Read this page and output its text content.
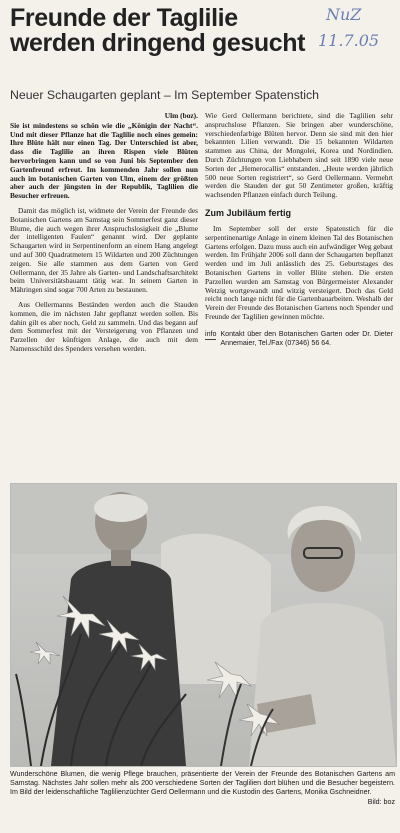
Freunde der Taglilie
werden dringend gesucht
NuZ
11.7.05
Neuer Schaugarten geplant – Im September Spatenstich
Ulm (boz).

Sie ist mindestens so schön wie die „Königin der Nacht“. Und mit dieser Pflanze hat die Taglilie noch eines gemein: Ihre Blüte hält nur einen Tag. Der Unterschied ist aber, dass die Taglilie an ihren Rispen viele Blüten hervorbringen kann und so von Juni bis September den Gartenfreund erfreut. Im kommenden Jahr sollen nun auch im botanischen Garten von Ulm, einem der größten aber auch der jüngsten in der Republik, Taglilien die Besucher erfreuen.

Damit das möglich ist, widmete der Verein der Freunde des Botanischen Gartens am Samstag sein Sommerfest ganz dieser Blume, die auch wegen ihrer Anspruchslosigkeit die „Blume der intelligenten Faulen“ genannt wird. Der geplante Schaugarten wird in Serpentinenform an einem Hang angelegt und auf 300 Quadratmetern 15 Wildarten und 200 Züchtungen zeigen. Sie alle stammen aus dem Garten von Gerd Oellermann, der 35 Jahre als Garten- und Landschaftsarchitekt beim Universitätsbauamt tätig war. In seinem Garten in Mähringen sind sogar 700 Arten zu bestaunen.

Aus Oellermanns Beständen werden auch die Stauden kommen, die im nächsten Jahr gepflanzt werden sollen. Bis dahin gilt es aber noch, Geld zu sammeln. Und das begann auf dem Sommerfest mit der Versteigerung von Pflanzen und Parzellen der künftigen Anlage, die auch mit dem Namensschild des Spenders versehen werden.

Wie Gerd Oellermann berichtete, sind die Taglilien sehr anspruchslose Pflanzen. Sie bringen aber wunderschöne, verschiedenfarbige Blüten hervor. Denn sie sind mit den hier bekannten Lilien verwandt. Die 15 bekannten Wildarten stammen aus China, der Mongolei, Korea und Nordindien. Durch Züchtungen von Liebhabern sind seit 1890 viele neue Sorten der „Hemerocallis“ entstanden. „Heute werden jährlich 500 neue Sorten registriert“, so Gerd Oellermann. Vermehrt werden die Stauden der gut 50 Zentimeter großen, kräftig wachsenden Pflanzen einfach durch Teilung.

Zum Jubiläum fertig

Im September soll der erste Spatenstich für die serpentinenartige Anlage in einem kleinen Tal des Botanischen Gartens erfolgen. Dazu muss auch ein aufwändiger Weg gebaut werden. Im Frühjahr 2006 soll dann der Schaugarten bepflanzt werden und im Juli anlässlich des 25. Geburtstages des Botanischen Gartens in voller Blüte stehen. Die ersten Parzellen wurden am Samstag von Bürgermeister Alexander Wetzig wortgewandt und witzig versteigert. Doch das Geld reicht noch lange nicht für die Gartenbauarbeiten. Weshalb der Verein der Freunde des Botanischen Gartens noch Spender und Freunde der Taglilien gewinnen möchte.

info Kontakt über den Botanischen Garten oder Dr. Dieter Annemaier, Tel./Fax (07346) 56 64.
Wunderschöne Blumen, die wenig Pflege brauchen, präsentierte der Verein der Freunde des Botanischen Gartens am Samstag. Nächstes Jahr sollen mehr als 200 verschiedene Sorten der Taglilien dort blühen und die Besucher begeistern. Im Bild der leidenschaftliche Taglilienzüchter Gerd Oellermann und die Kustodin des Gartens, Monika Gschneidner.
Bild: boz
